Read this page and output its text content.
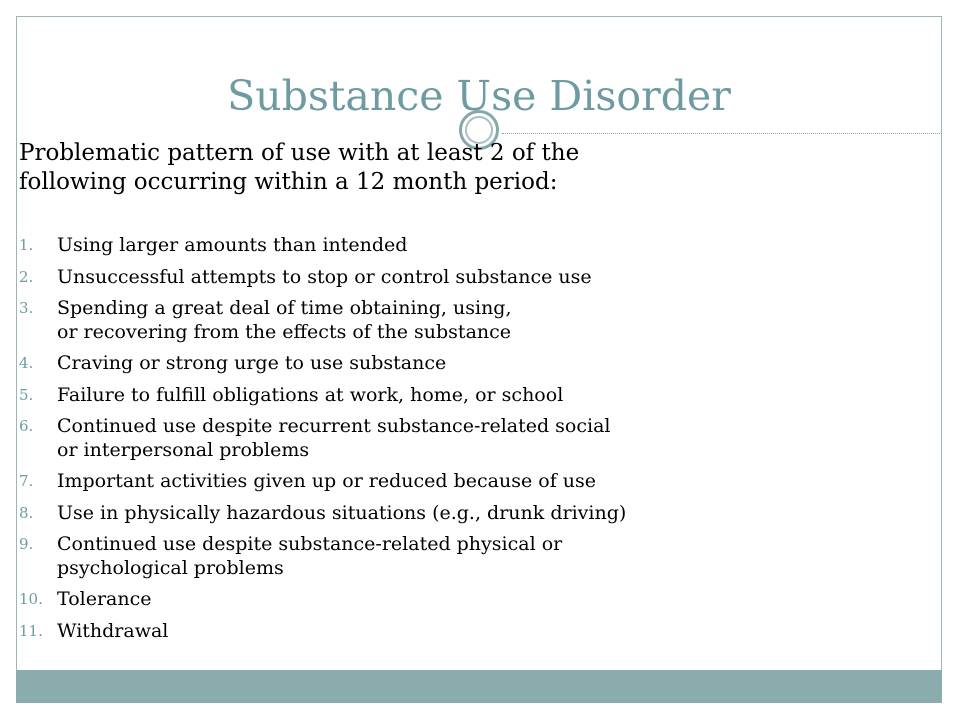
Substance Use Disorder
Problematic pattern of use with at least 2 of the
following occurring within a 12 month period:
1. Using larger amounts than intended
2. Unsuccessful attempts to stop or control substance use
3. Spending a great deal of time obtaining, using,
or recovering from the effects of the substance
4. Craving or strong urge to use substance
5. Failure to fulfill obligations at work, home, or school
6. Continued use despite recurrent substance-related social
or interpersonal problems
7. Important activities given up or reduced because of use
8. Use in physically hazardous situations (e.g., drunk driving)
9. Continued use despite substance-related physical or
psychological problems
10. Tolerance
11. Withdrawal
